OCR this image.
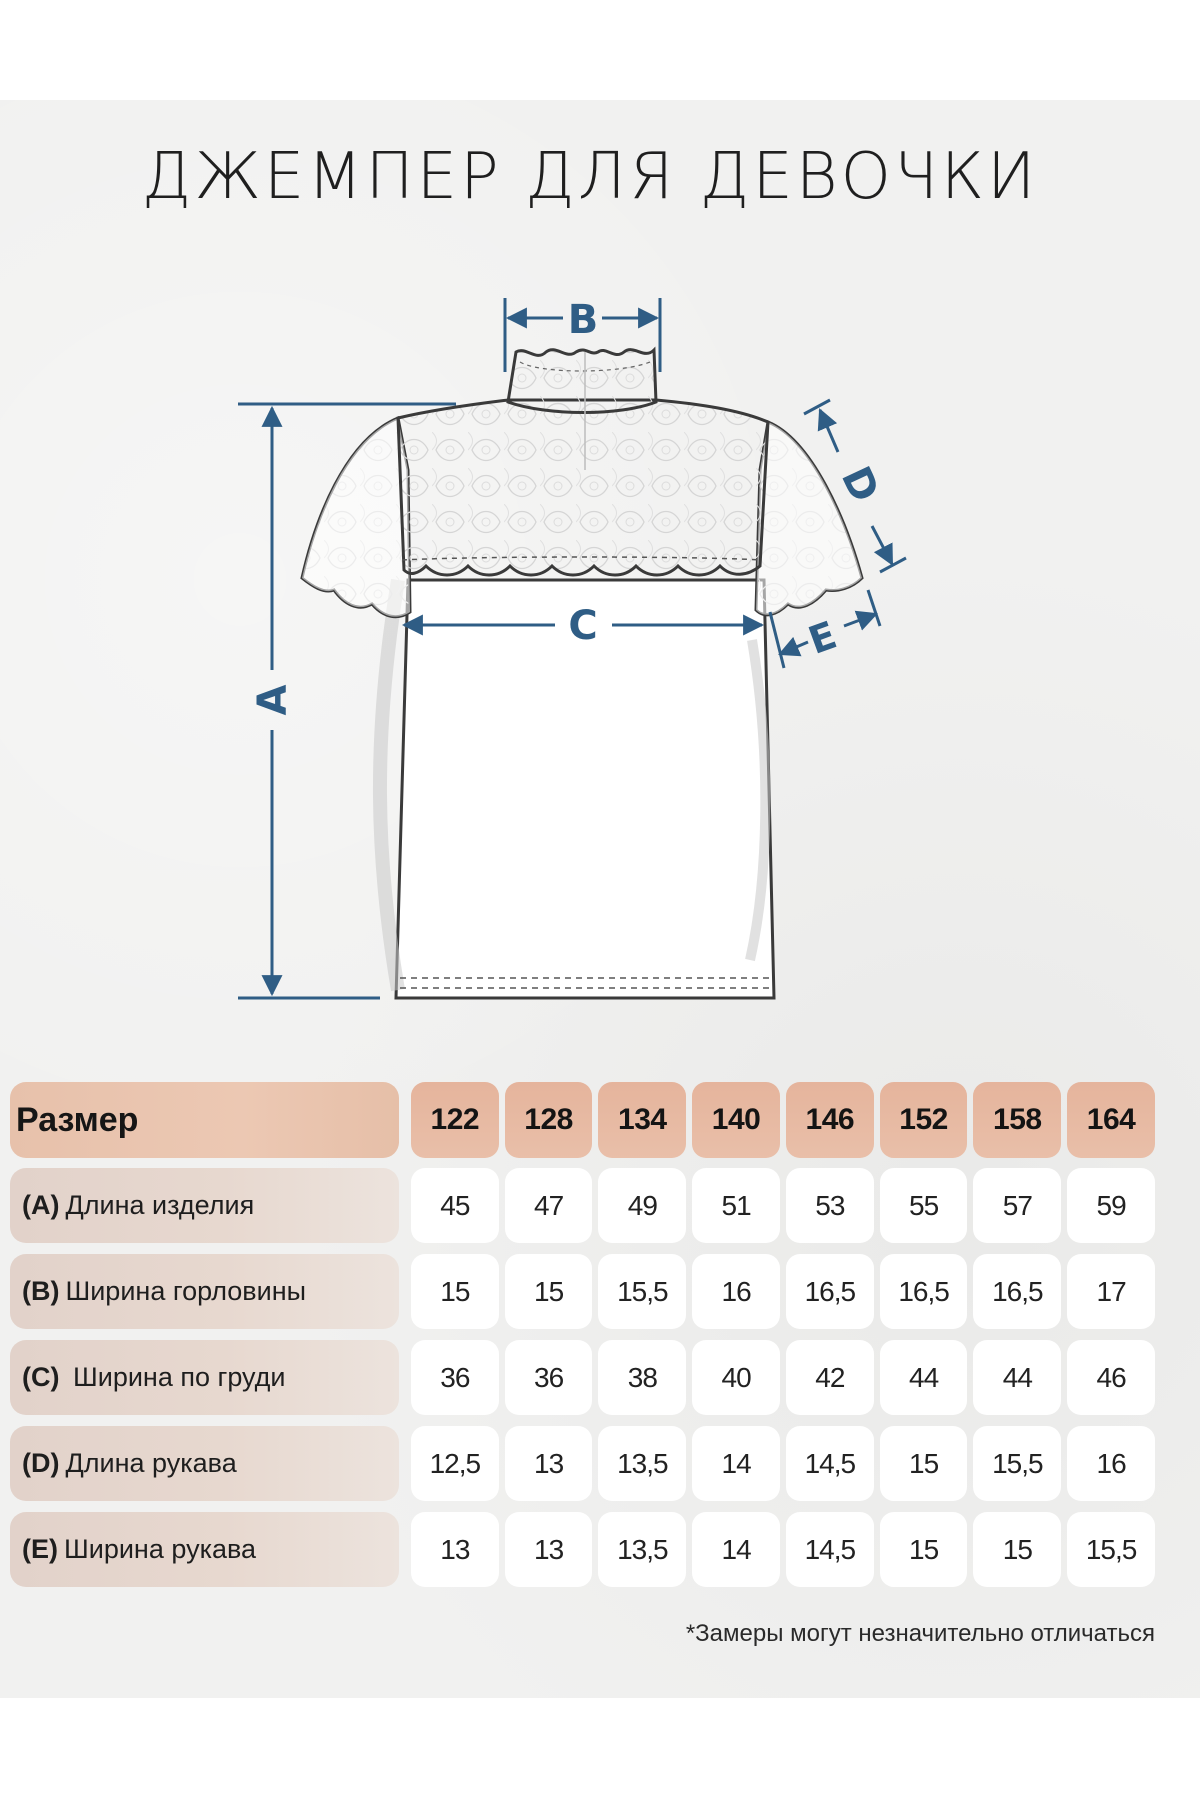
ДЖЕМПЕР ДЛЯ ДЕВОЧКИ
B
A
C
D
E
Размер	122	128	134	140	146	152	158	164
(A) Длина изделия	45	47	49	51	53	55	57	59
(B) Ширина горловины	15	15	15,5	16	16,5	16,5	16,5	17
(C) Ширина по груди	36	36	38	40	42	44	44	46
(D) Длина рукава	12,5	13	13,5	14	14,5	15	15,5	16
(E) Ширина рукава	13	13	13,5	14	14,5	15	15	15,5
*Замеры могут незначительно отличаться
